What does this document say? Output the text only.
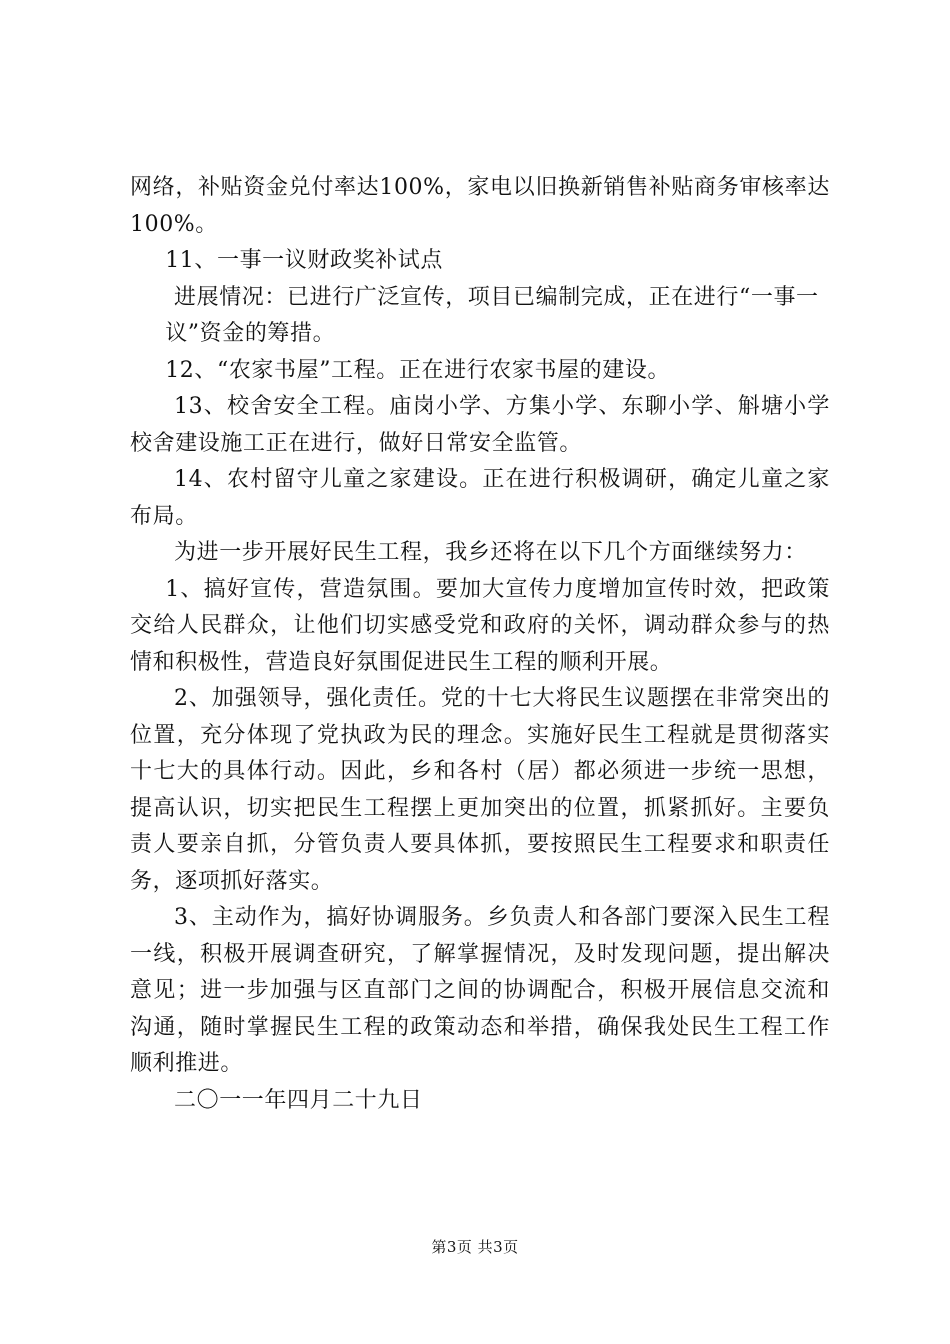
网络，补贴资金兑付率达100%，家电以旧换新销售补贴商务审核率达100%。

11、一事一议财政奖补试点

进展情况：已进行广泛宣传，项目已编制完成，正在进行“一事一

议”资金的筹措。

12、“农家书屋”工程。正在进行农家书屋的建设。

13、校舍安全工程。庙岗小学、方集小学、东聊小学、斛塘小学校舍建设施工正在进行，做好日常安全监管。

14、农村留守儿童之家建设。正在进行积极调研，确定儿童之家布局。

为进一步开展好民生工程，我乡还将在以下几个方面继续努力：

1、搞好宣传，营造氛围。要加大宣传力度增加宣传时效，把政策交给人民群众，让他们切实感受党和政府的关怀，调动群众参与的热情和积极性，营造良好氛围促进民生工程的顺利开展。

2、加强领导，强化责任。党的十七大将民生议题摆在非常突出的位置，充分体现了党执政为民的理念。实施好民生工程就是贯彻落实十七大的具体行动。因此，乡和各村（居）都必须进一步统一思想，提高认识，切实把民生工程摆上更加突出的位置，抓紧抓好。主要负责人要亲自抓，分管负责人要具体抓，要按照民生工程要求和职责任务，逐项抓好落实。

3、主动作为，搞好协调服务。乡负责人和各部门要深入民生工程一线，积极开展调查研究，了解掌握情况，及时发现问题，提出解决意见；进一步加强与区直部门之间的协调配合，积极开展信息交流和沟通，随时掌握民生工程的政策动态和举措，确保我处民生工程工作顺利推进。

二〇一一年四月二十九日

第3页 共3页
